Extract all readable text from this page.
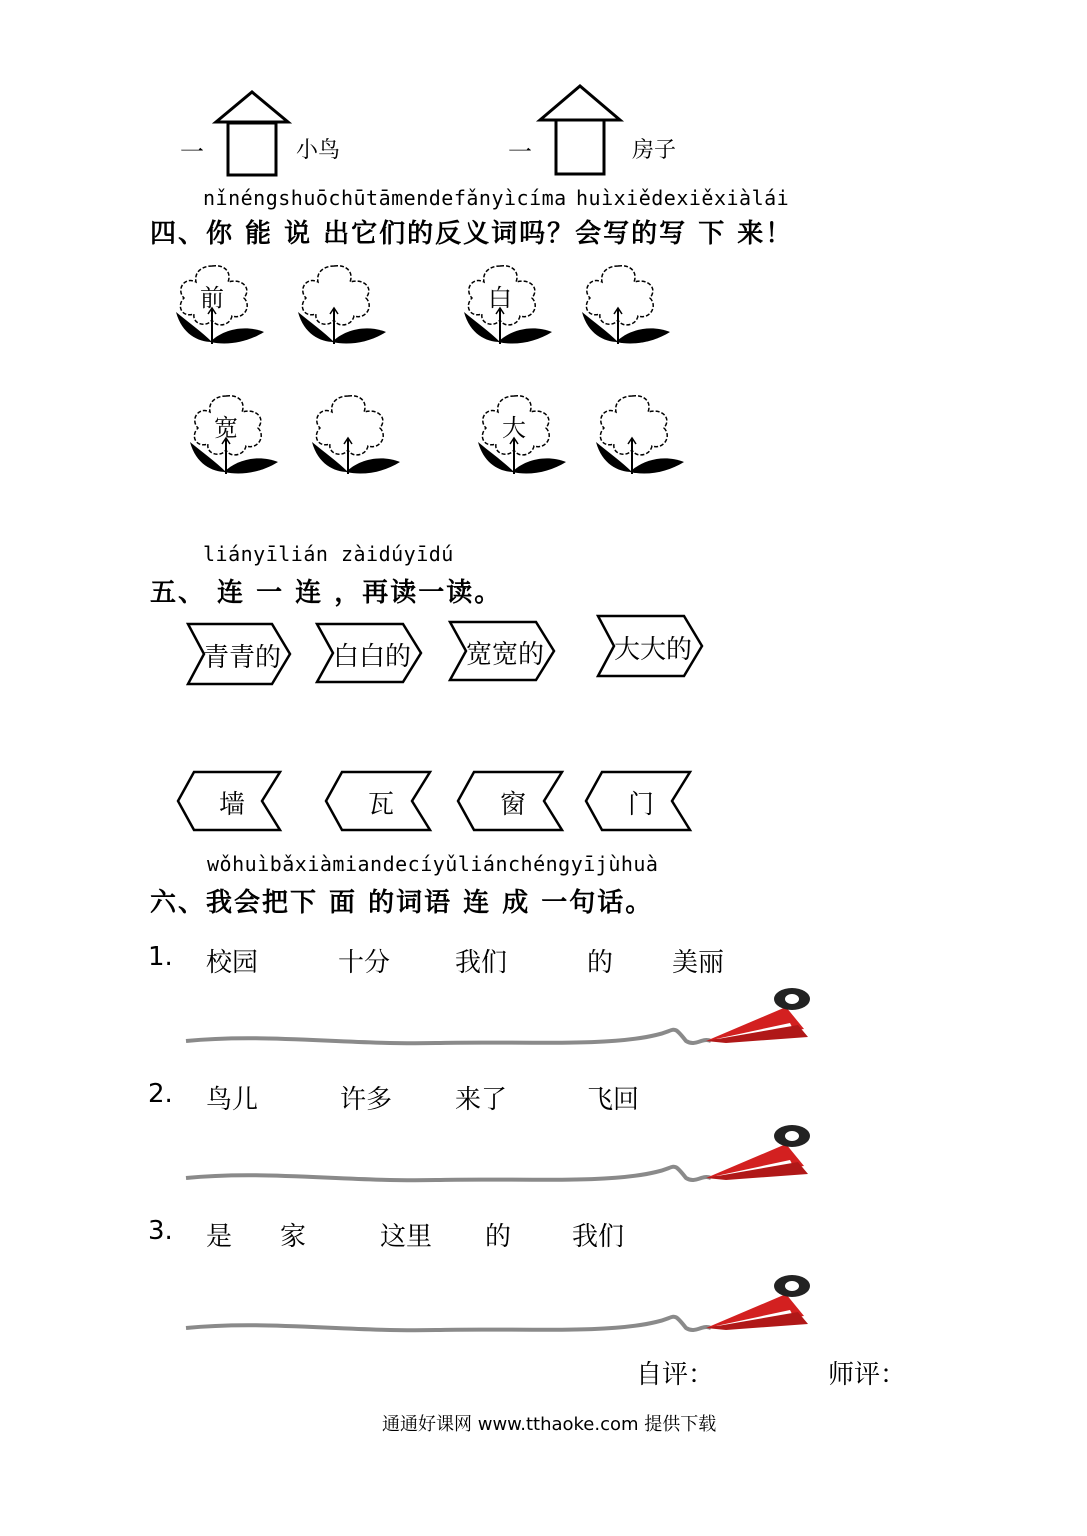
一	小鸟	一	房子
nǐnéngshuōchūtāmendefǎnyìcíma huìxiědexiěxiàlái
四、你 能 说 出它们的反义词吗？会写的写 下 来！
前	白
宽	大
liányīlián zàidúyīdú
五、 连 一 连 ，再读一读。
青青的 白白的 宽宽的	大大的
墙	瓦	窗	门
wǒhuìbǎxiàmiandecíyǔliánchéngyījùhuà
六、我会把下 面 的词语 连 成 一句话。
1. 校园	十分 我们	的 美丽
2. 鸟儿	许多 来了	飞回
3. 是 家	这里 的 我们
自评：	师评：
通通好课网 www.tthaoke.com 提供下载
